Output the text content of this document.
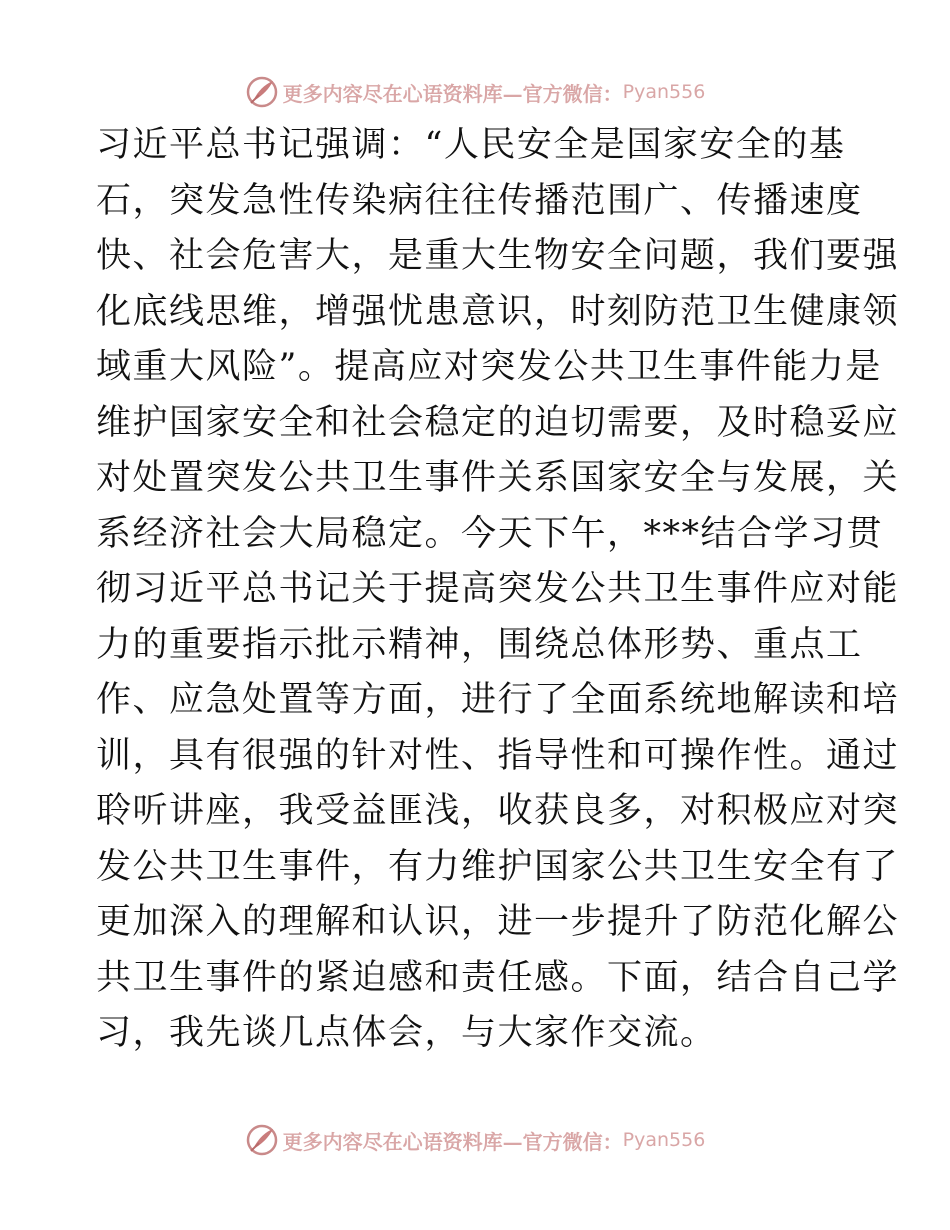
更多内容尽在心语资料库—官方微信： Pyan556
习近平总书记强调：“人民安全是国家安全的基
石，突发急性传染病往往传播范围广、传播速度
快、社会危害大，是重大生物安全问题，我们要强
化底线思维，增强忧患意识，时刻防范卫生健康领
域重大风险”。提高应对突发公共卫生事件能力是
维护国家安全和社会稳定的迫切需要，及时稳妥应
对处置突发公共卫生事件关系国家安全与发展，关
系经济社会大局稳定。今天下午，***结合学习贯
彻习近平总书记关于提高突发公共卫生事件应对能
力的重要指示批示精神，围绕总体形势、重点工
作、应急处置等方面，进行了全面系统地解读和培
训，具有很强的针对性、指导性和可操作性。通过
聆听讲座，我受益匪浅，收获良多，对积极应对突
发公共卫生事件，有力维护国家公共卫生安全有了
更加深入的理解和认识，进一步提升了防范化解公
共卫生事件的紧迫感和责任感。下面，结合自己学
习，我先谈几点体会，与大家作交流。
更多内容尽在心语资料库—官方微信： Pyan556
